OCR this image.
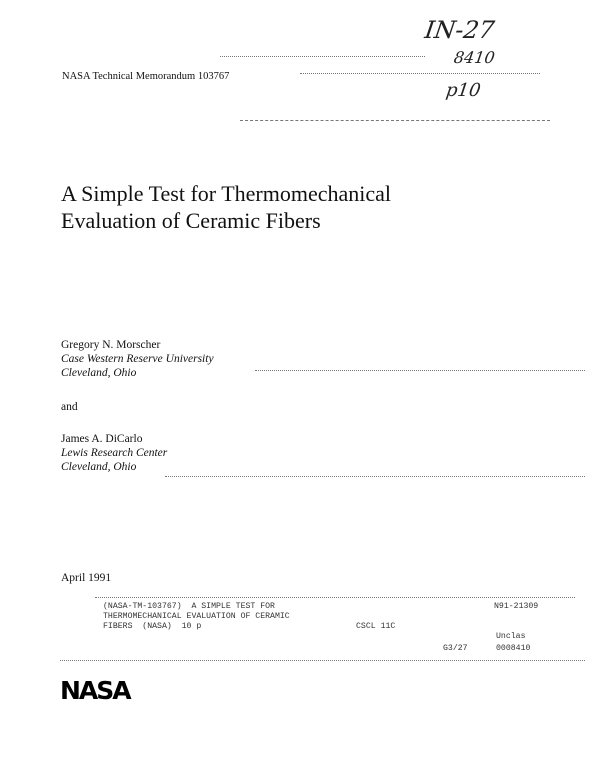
IN-27
8410
p10
NASA Technical Memorandum 103767
A Simple Test for Thermomechanical
Evaluation of Ceramic Fibers
Gregory N. Morscher
Case Western Reserve University
Cleveland, Ohio
and
James A. DiCarlo
Lewis Research Center
Cleveland, Ohio
April 1991
(NASA-TM-103767)  A SIMPLE TEST FOR
THERMOMECHANICAL EVALUATION OF CERAMIC
FIBERS  (NASA)  10 p	CSCL 11C
N91-21309
Unclas
G3/27	0008410
NASA
